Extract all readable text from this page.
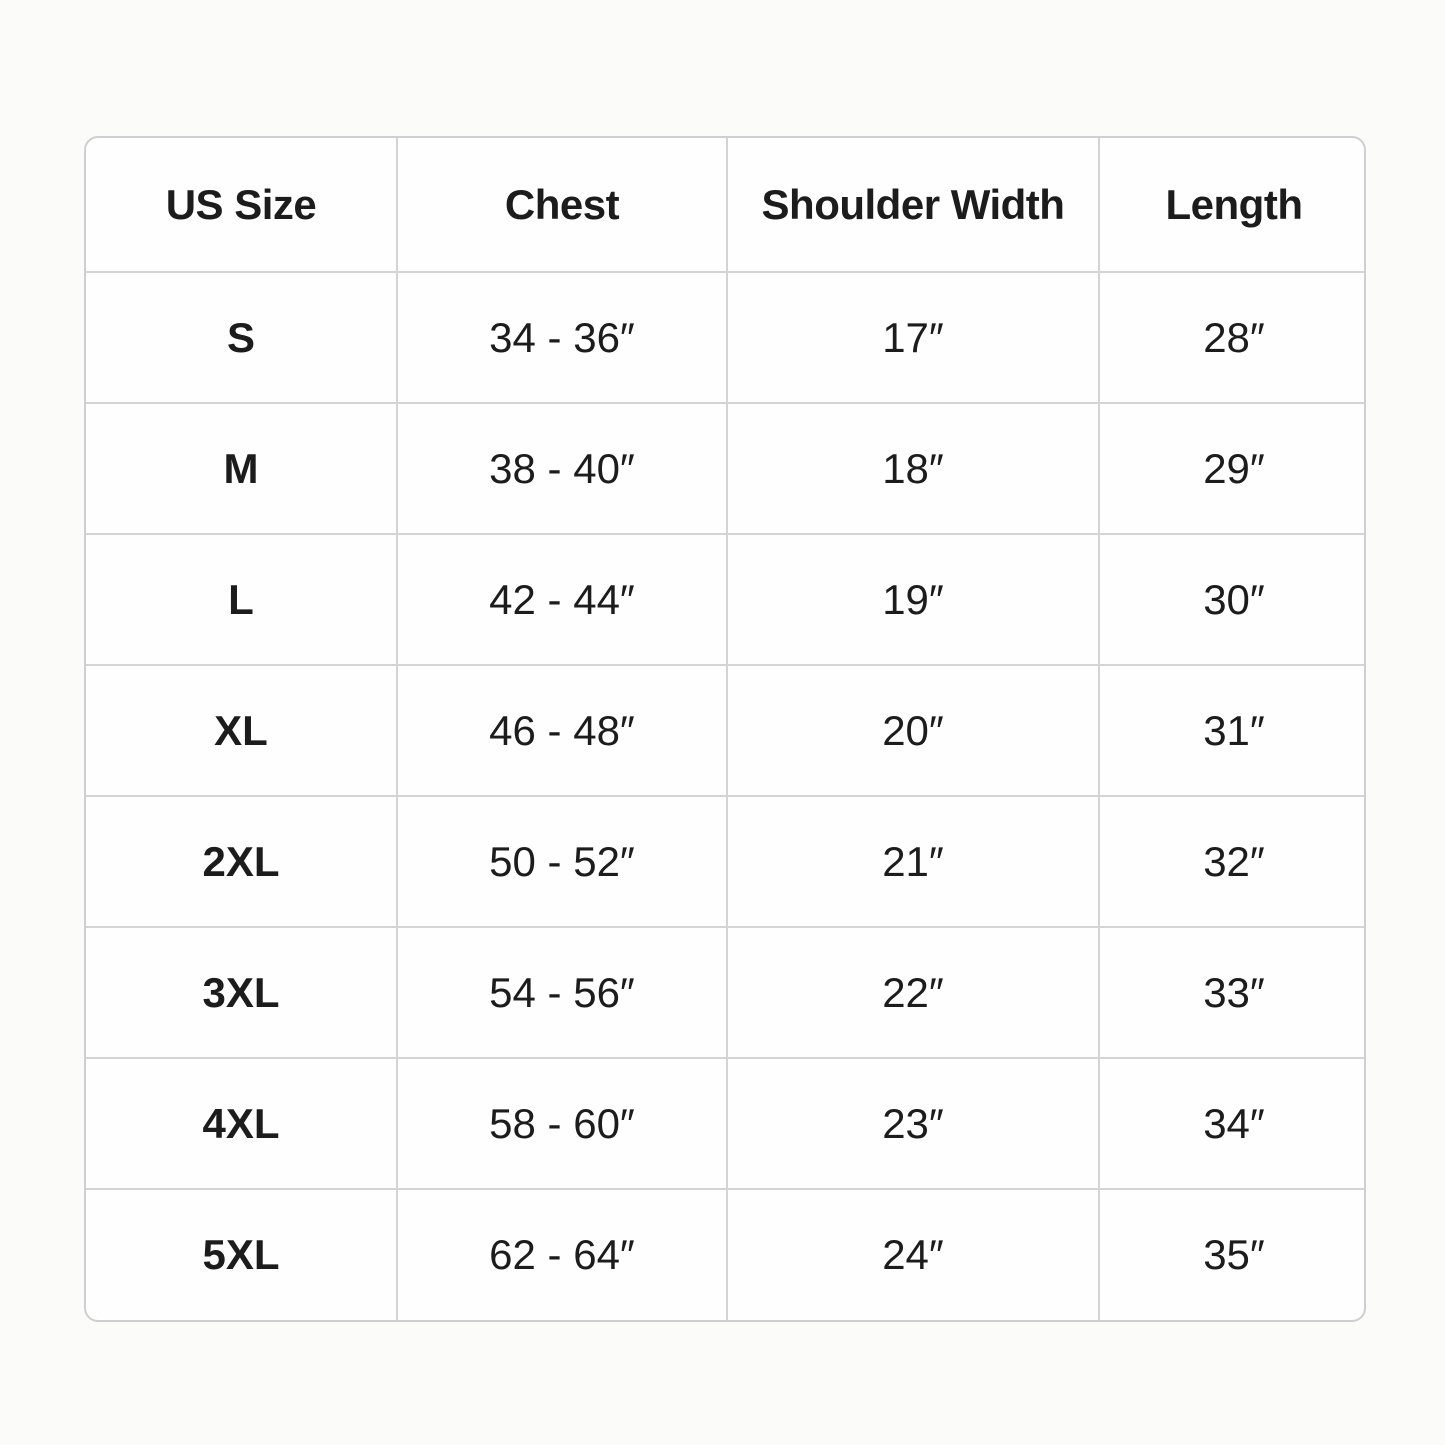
US Size	Chest	Shoulder Width	Length
S	34 - 36″	17″	28″
M	38 - 40″	18″	29″
L	42 - 44″	19″	30″
XL	46 - 48″	20″	31″
2XL	50 - 52″	21″	32″
3XL	54 - 56″	22″	33″
4XL	58 - 60″	23″	34″
5XL	62 - 64″	24″	35″
